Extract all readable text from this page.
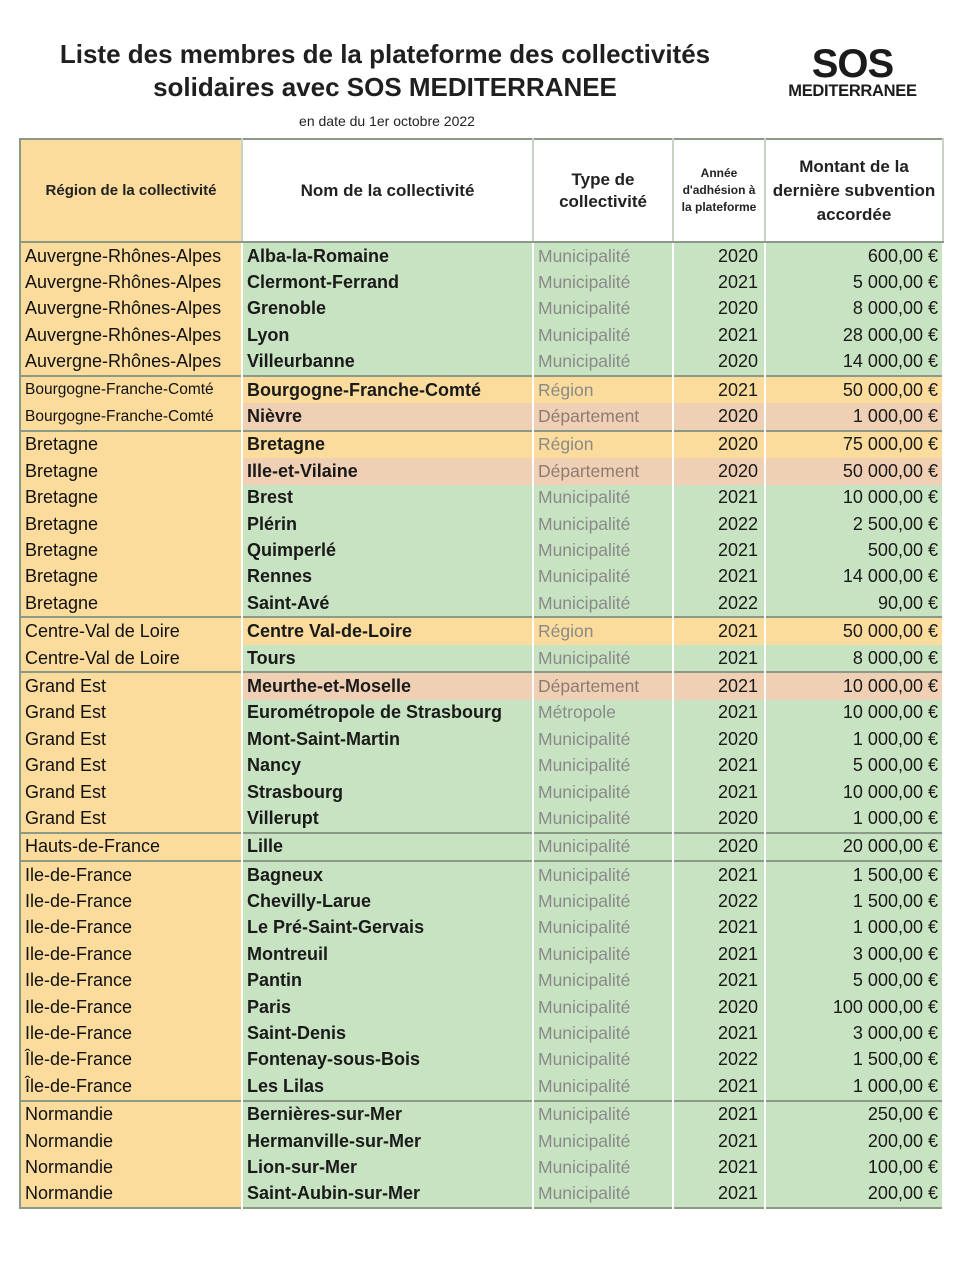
Liste des membres de la plateforme des collectivités solidaires avec SOS MEDITERRANEE
en date du 1er octobre 2022
SOS
MEDITERRANEE
Région de la collectivité	Nom de la collectivité	Type de collectivité	Année d'adhésion à la plateforme	Montant de la dernière subvention accordée
Auvergne-Rhônes-Alpes	Alba-la-Romaine	Municipalité	2020	600,00 €
Auvergne-Rhônes-Alpes	Clermont-Ferrand	Municipalité	2021	5 000,00 €
Auvergne-Rhônes-Alpes	Grenoble	Municipalité	2020	8 000,00 €
Auvergne-Rhônes-Alpes	Lyon	Municipalité	2021	28 000,00 €
Auvergne-Rhônes-Alpes	Villeurbanne	Municipalité	2020	14 000,00 €
Bourgogne-Franche-Comté	Bourgogne-Franche-Comté	Région	2021	50 000,00 €
Bourgogne-Franche-Comté	Nièvre	Département	2020	1 000,00 €
Bretagne	Bretagne	Région	2020	75 000,00 €
Bretagne	Ille-et-Vilaine	Département	2020	50 000,00 €
Bretagne	Brest	Municipalité	2021	10 000,00 €
Bretagne	Plérin	Municipalité	2022	2 500,00 €
Bretagne	Quimperlé	Municipalité	2021	500,00 €
Bretagne	Rennes	Municipalité	2021	14 000,00 €
Bretagne	Saint-Avé	Municipalité	2022	90,00 €
Centre-Val de Loire	Centre Val-de-Loire	Région	2021	50 000,00 €
Centre-Val de Loire	Tours	Municipalité	2021	8 000,00 €
Grand Est	Meurthe-et-Moselle	Département	2021	10 000,00 €
Grand Est	Eurométropole de Strasbourg	Métropole	2021	10 000,00 €
Grand Est	Mont-Saint-Martin	Municipalité	2020	1 000,00 €
Grand Est	Nancy	Municipalité	2021	5 000,00 €
Grand Est	Strasbourg	Municipalité	2021	10 000,00 €
Grand Est	Villerupt	Municipalité	2020	1 000,00 €
Hauts-de-France	Lille	Municipalité	2020	20 000,00 €
Ile-de-France	Bagneux	Municipalité	2021	1 500,00 €
Ile-de-France	Chevilly-Larue	Municipalité	2022	1 500,00 €
Ile-de-France	Le Pré-Saint-Gervais	Municipalité	2021	1 000,00 €
Ile-de-France	Montreuil	Municipalité	2021	3 000,00 €
Ile-de-France	Pantin	Municipalité	2021	5 000,00 €
Ile-de-France	Paris	Municipalité	2020	100 000,00 €
Ile-de-France	Saint-Denis	Municipalité	2021	3 000,00 €
Île-de-France	Fontenay-sous-Bois	Municipalité	2022	1 500,00 €
Île-de-France	Les Lilas	Municipalité	2021	1 000,00 €
Normandie	Bernières-sur-Mer	Municipalité	2021	250,00 €
Normandie	Hermanville-sur-Mer	Municipalité	2021	200,00 €
Normandie	Lion-sur-Mer	Municipalité	2021	100,00 €
Normandie	Saint-Aubin-sur-Mer	Municipalité	2021	200,00 €
